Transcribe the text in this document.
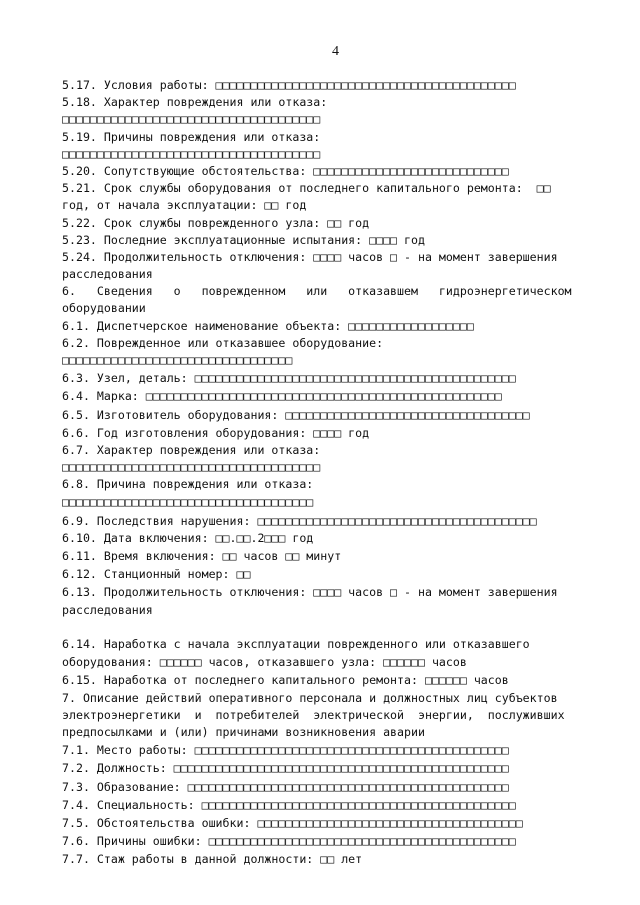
4
5.17. Условия работы: □□□□□□□□□□□□□□□□□□□□□□□□□□□□□□□□□□□□□□□□□□□
5.18. Характер повреждения или отказа:
□□□□□□□□□□□□□□□□□□□□□□□□□□□□□□□□□□□□□
5.19. Причины повреждения или отказа:
□□□□□□□□□□□□□□□□□□□□□□□□□□□□□□□□□□□□□
5.20. Сопутствующие обстоятельства: □□□□□□□□□□□□□□□□□□□□□□□□□□□□
5.21. Срок службы оборудования от последнего капитального ремонта:  □□
год, от начала эксплуатации: □□ год
5.22. Срок службы поврежденного узла: □□ год
5.23. Последние эксплуатационные испытания: □□□□ год
5.24. Продолжительность отключения: □□□□ часов □ - на момент завершения
расследования
6.   Сведения   о   поврежденном   или   отказавшем   гидроэнергетическом
оборудовании
6.1. Диспетчерское наименование объекта: □□□□□□□□□□□□□□□□□□
6.2. Поврежденное или отказавшее оборудование:
□□□□□□□□□□□□□□□□□□□□□□□□□□□□□□□□□
6.3. Узел, деталь: □□□□□□□□□□□□□□□□□□□□□□□□□□□□□□□□□□□□□□□□□□□□□□
6.4. Марка: □□□□□□□□□□□□□□□□□□□□□□□□□□□□□□□□□□□□□□□□□□□□□□□□□□□
6.5. Изготовитель оборудования: □□□□□□□□□□□□□□□□□□□□□□□□□□□□□□□□□□□
6.6. Год изготовления оборудования: □□□□ год
6.7. Характер повреждения или отказа:
□□□□□□□□□□□□□□□□□□□□□□□□□□□□□□□□□□□□□
6.8. Причина повреждения или отказа:
□□□□□□□□□□□□□□□□□□□□□□□□□□□□□□□□□□□□
6.9. Последствия нарушения: □□□□□□□□□□□□□□□□□□□□□□□□□□□□□□□□□□□□□□□□
6.10. Дата включения: □□.□□.2□□□ год
6.11. Время включения: □□ часов □□ минут
6.12. Станционный номер: □□
6.13. Продолжительность отключения: □□□□ часов □ - на момент завершения
расследования
6.14. Наработка с начала эксплуатации поврежденного или отказавшего
оборудования: □□□□□□ часов, отказавшего узла: □□□□□□ часов
6.15. Наработка от последнего капитального ремонта: □□□□□□ часов
7. Описание действий оперативного персонала и должностных лиц субъектов
электроэнергетики  и  потребителей  электрической  энергии,  послуживших
предпосылками и (или) причинами возникновения аварии
7.1. Место работы: □□□□□□□□□□□□□□□□□□□□□□□□□□□□□□□□□□□□□□□□□□□□□
7.2. Должность: □□□□□□□□□□□□□□□□□□□□□□□□□□□□□□□□□□□□□□□□□□□□□□□□
7.3. Образование: □□□□□□□□□□□□□□□□□□□□□□□□□□□□□□□□□□□□□□□□□□□□□□
7.4. Специальность: □□□□□□□□□□□□□□□□□□□□□□□□□□□□□□□□□□□□□□□□□□□□□
7.5. Обстоятельства ошибки: □□□□□□□□□□□□□□□□□□□□□□□□□□□□□□□□□□□□□□
7.6. Причины ошибки: □□□□□□□□□□□□□□□□□□□□□□□□□□□□□□□□□□□□□□□□□□□□
7.7. Стаж работы в данной должности: □□ лет
